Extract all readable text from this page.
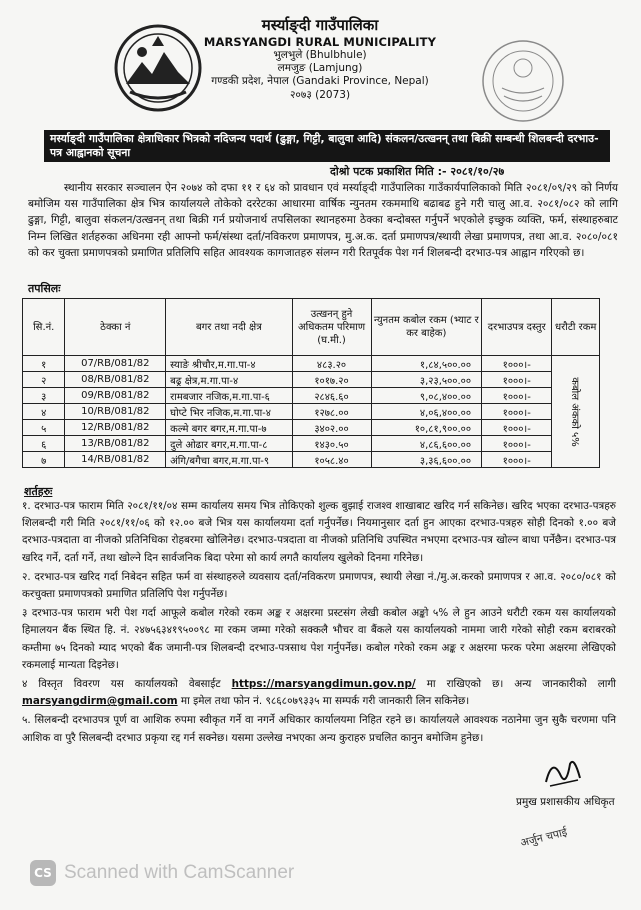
मर्स्याङ्दी गाउँपालिका
MARSYANGDI RURAL MUNICIPALITY
भुलभुले (Bhulbhule)
लमजुङ (Lamjung)
गण्डकी प्रदेश, नेपाल (Gandaki Province, Nepal)
२०७३ (2073)
मर्स्याङ्दी गाउँपालिका क्षेत्राधिकार भित्रको नदिजन्य पदार्थ (ढुङ्गा, गिट्टी, बालुवा आदि) संकलन/उत्खनन् तथा बिक्री सम्बन्धी शिलबन्दी दरभाउ-पत्र आह्वानको सूचना
दोश्रो पटक प्रकाशित मिति :- २०८१/१०/२७
स्थानीय सरकार सञ्चालन ऐन २०७४ को दफा ११ र ६४ को प्रावधान एवं मर्स्याङ्दी गाउँपालिका गाउँकार्यपालिकाको मिति २०८१/०९/२९ को निर्णय बमोजिम यस गाउँपालिका क्षेत्र भित्र कार्यालयले तोकेको दररेटका आधारमा वार्षिक न्युनतम रकममाथि बढाबढ हुने गरी चालु आ.व. २०८१/०८२ को लागि ढुङ्गा, गिट्टी, बालुवा संकलन/उत्खनन् तथा बिक्री गर्न प्रयोजनार्थ तपसिलका स्थानहरुमा ठेक्का बन्दोबस्त गर्नुपर्ने भएकोले इच्छुक व्यक्ति, फर्म, संस्थाहरुबाट निम्न लिखित शर्तहरुका अधिनमा रही आफ्नो फर्म/संस्था दर्ता/नविकरण प्रमाणपत्र, मु.अ.क. दर्ता प्रमाणपत्र/स्थायी लेखा प्रमाणपत्र, तथा आ.व. २०८०/०८१ को कर चुक्ता प्रमाणपत्रको प्रमाणित प्रतिलिपि सहित आवश्यक कागजातहरु संलग्न गरी रितपूर्वक पेश गर्न शिलबन्दी दरभाउ-पत्र आह्वान गरिएको छ।
तपसिलः
सि.नं.	ठेक्का नं	बगर तथा नदी क्षेत्र	उत्खनन् हुने अधिकतम परिमाण (घ.मी.)	न्युनतम कबोल रकम (भ्याट र कर बाहेक)	दरभाउपत्र दस्तुर	धरौटी रकम
१	07/RB/081/82	स्याङे श्रीचौर,म.गा.पा-४	४८३.२०	१,८४,५००.००	१०००।-	कबोल अंकको ५%

२	08/RB/081/82	बढ्र क्षेत्र,म.गा.पा-४	१०१७.२०	३,२३,५००.००	१०००।-	
३	09/RB/081/82	रामबजार नजिक,म.गा.पा-६	२८४६.६०	९,०८,४००.००	१०००।-	
४	10/RB/081/82	घोप्टे भिर नजिक,म.गा.पा-४	१२७८.००	४,०६,४००.००	१०००।-	
५	12/RB/081/82	कल्मे बगर बगर,म.गा.पा-७	३४०२.००	१०,८१,९००.००	१०००।-	
६	13/RB/081/82	दुले ओढार बगर,म.गा.पा-८	१४३०.५०	४,८६,६००.००	१०००।-	
७	14/RB/081/82	अंगि/बगैचा बगर,म.गा.पा-९	१०५८.४०	३,३६,६००.००	१०००।-	
शर्तहरुः

१. दरभाउ-पत्र फाराम मिति २०८१/११/०४ सम्म कार्यालय समय भित्र तोकिएको शुल्क बुझाई राजश्व शाखाबाट खरिद गर्न सकिनेछ। खरिद भएका दरभाउ-पत्रहरु शिलबन्दी गरी मिति २०८१/११/०६ को १२.०० बजे भित्र यस कार्यालयमा दर्ता गर्नुपर्नेछ। नियमानुसार दर्ता हुन आएका दरभाउ-पत्रहरु सोही दिनको १.०० बजे दरभाउ-पत्रदाता वा नीजको प्रतिनिधिका रोहबरमा खोलिनेछ। दरभाउ-पत्रदाता वा नीजको प्रतिनिधि उपस्थित नभएमा दरभाउ-पत्र खोल्न बाधा पर्नेछैन। दरभाउ-पत्र खरिद गर्ने, दर्ता गर्ने, तथा खोल्ने दिन सार्वजनिक बिदा परेमा सो कार्य लगतै कार्यालय खुलेको दिनमा गरिनेछ।

२. दरभाउ-पत्र खरिद गर्दा निबेदन सहित फर्म वा संस्थाहरुले व्यवसाय दर्ता/नविकरण प्रमाणपत्र, स्थायी लेखा नं./मु.अ.करको प्रमाणपत्र र आ.व. २०८०/०८१ को करचुक्ता प्रमाणपत्रको प्रमाणित प्रतिलिपि पेश गर्नुपर्नेछ।

३ दरभाउ-पत्र फाराम भरी पेश गर्दा आफूले कबोल गरेको रकम अङ्क र अक्षरमा प्रस्टसंग लेखी कबोल अङ्को ५% ले हुन आउने धरौटी रकम यस कार्यालयको हिमालयन बैंक स्थित हि. नं. २४७५६३४१९५००९८ मा रकम जम्मा गरेको सक्कलै भौचर वा बैंकले यस कार्यालयको नाममा जारी गरेको सोही रकम बराबरको कम्तीमा ७५ दिनको म्याद भएको बैंक जमानी-पत्र शिलबन्दी दरभाउ-पत्रसाथ पेश गर्नुपर्नेछ। कबोल गरेको रकम अङ्क र अक्षरमा फरक परेमा अक्षरमा लेखिएको रकमलाई मान्यता दिइनेछ।

४ विस्तृत विवरण यस कार्यालयको वेबसाईट https://marsyangdimun.gov.np/ मा राखिएको छ। अन्य जानकारीको लागी marsyangdirm@gmail.com मा इमेल तथा फोन नं. ९८६८०७९३३५ मा सम्पर्क गरी जानकारी लिन सकिनेछ।

५. सिलबन्दी दरभाउपत्र पूर्ण वा आशिक रुपमा स्वीकृत गर्ने वा नगर्ने अधिकार कार्यालयमा निहित रहने छ। कार्यालयले आवश्यक नठानेमा जुन सुकै चरणमा पनि आशिक वा पुरै सिलबन्दी दरभाउ प्रकृया रद्द गर्न सक्नेछ। यसमा उल्लेख नभएका अन्य कुराहरु प्रचलित कानुन बमोजिम हुनेछ।

प्रमुख प्रशासकीय अधिकृत
अर्जुन चपाई
CS Scanned with CamScanner
